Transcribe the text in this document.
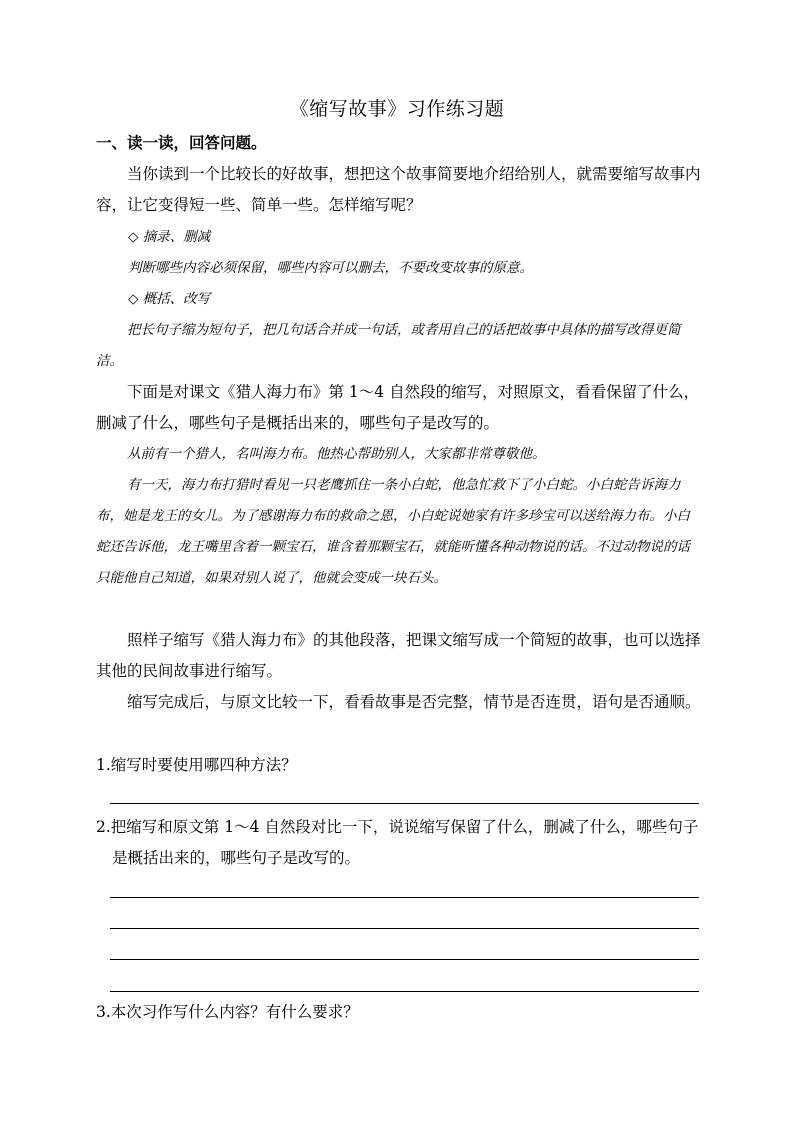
《缩写故事》习作练习题
一、读一读，回答问题。
当你读到一个比较长的好故事，想把这个故事简要地介绍给别人，就需要缩写故事内容，让它变得短一些、简单一些。怎样缩写呢？
◇ 摘录、删减
判断哪些内容必须保留，哪些内容可以删去，不要改变故事的原意。
◇ 概括、改写
把长句子缩为短句子，把几句话合并成一句话，或者用自己的话把故事中具体的描写改得更简洁。
下面是对课文《猎人海力布》第 1～4 自然段的缩写，对照原文，看看保留了什么，删减了什么，哪些句子是概括出来的，哪些句子是改写的。
从前有一个猎人，名叫海力布。他热心帮助别人，大家都非常尊敬他。
有一天，海力布打猎时看见一只老鹰抓住一条小白蛇，他急忙救下了小白蛇。小白蛇告诉海力布，她是龙王的女儿。为了感谢海力布的救命之恩，小白蛇说她家有许多珍宝可以送给海力布。小白蛇还告诉他，龙王嘴里含着一颗宝石，谁含着那颗宝石，就能听懂各种动物说的话。不过动物说的话只能他自己知道，如果对别人说了，他就会变成一块石头。
照样子缩写《猎人海力布》的其他段落，把课文缩写成一个简短的故事，也可以选择其他的民间故事进行缩写。
缩写完成后，与原文比较一下，看看故事是否完整，情节是否连贯，语句是否通顺。
1.缩写时要使用哪四种方法？
2.把缩写和原文第 1～4 自然段对比一下，说说缩写保留了什么，删减了什么，哪些句子是概括出来的，哪些句子是改写的。
3.本次习作写什么内容？有什么要求？
